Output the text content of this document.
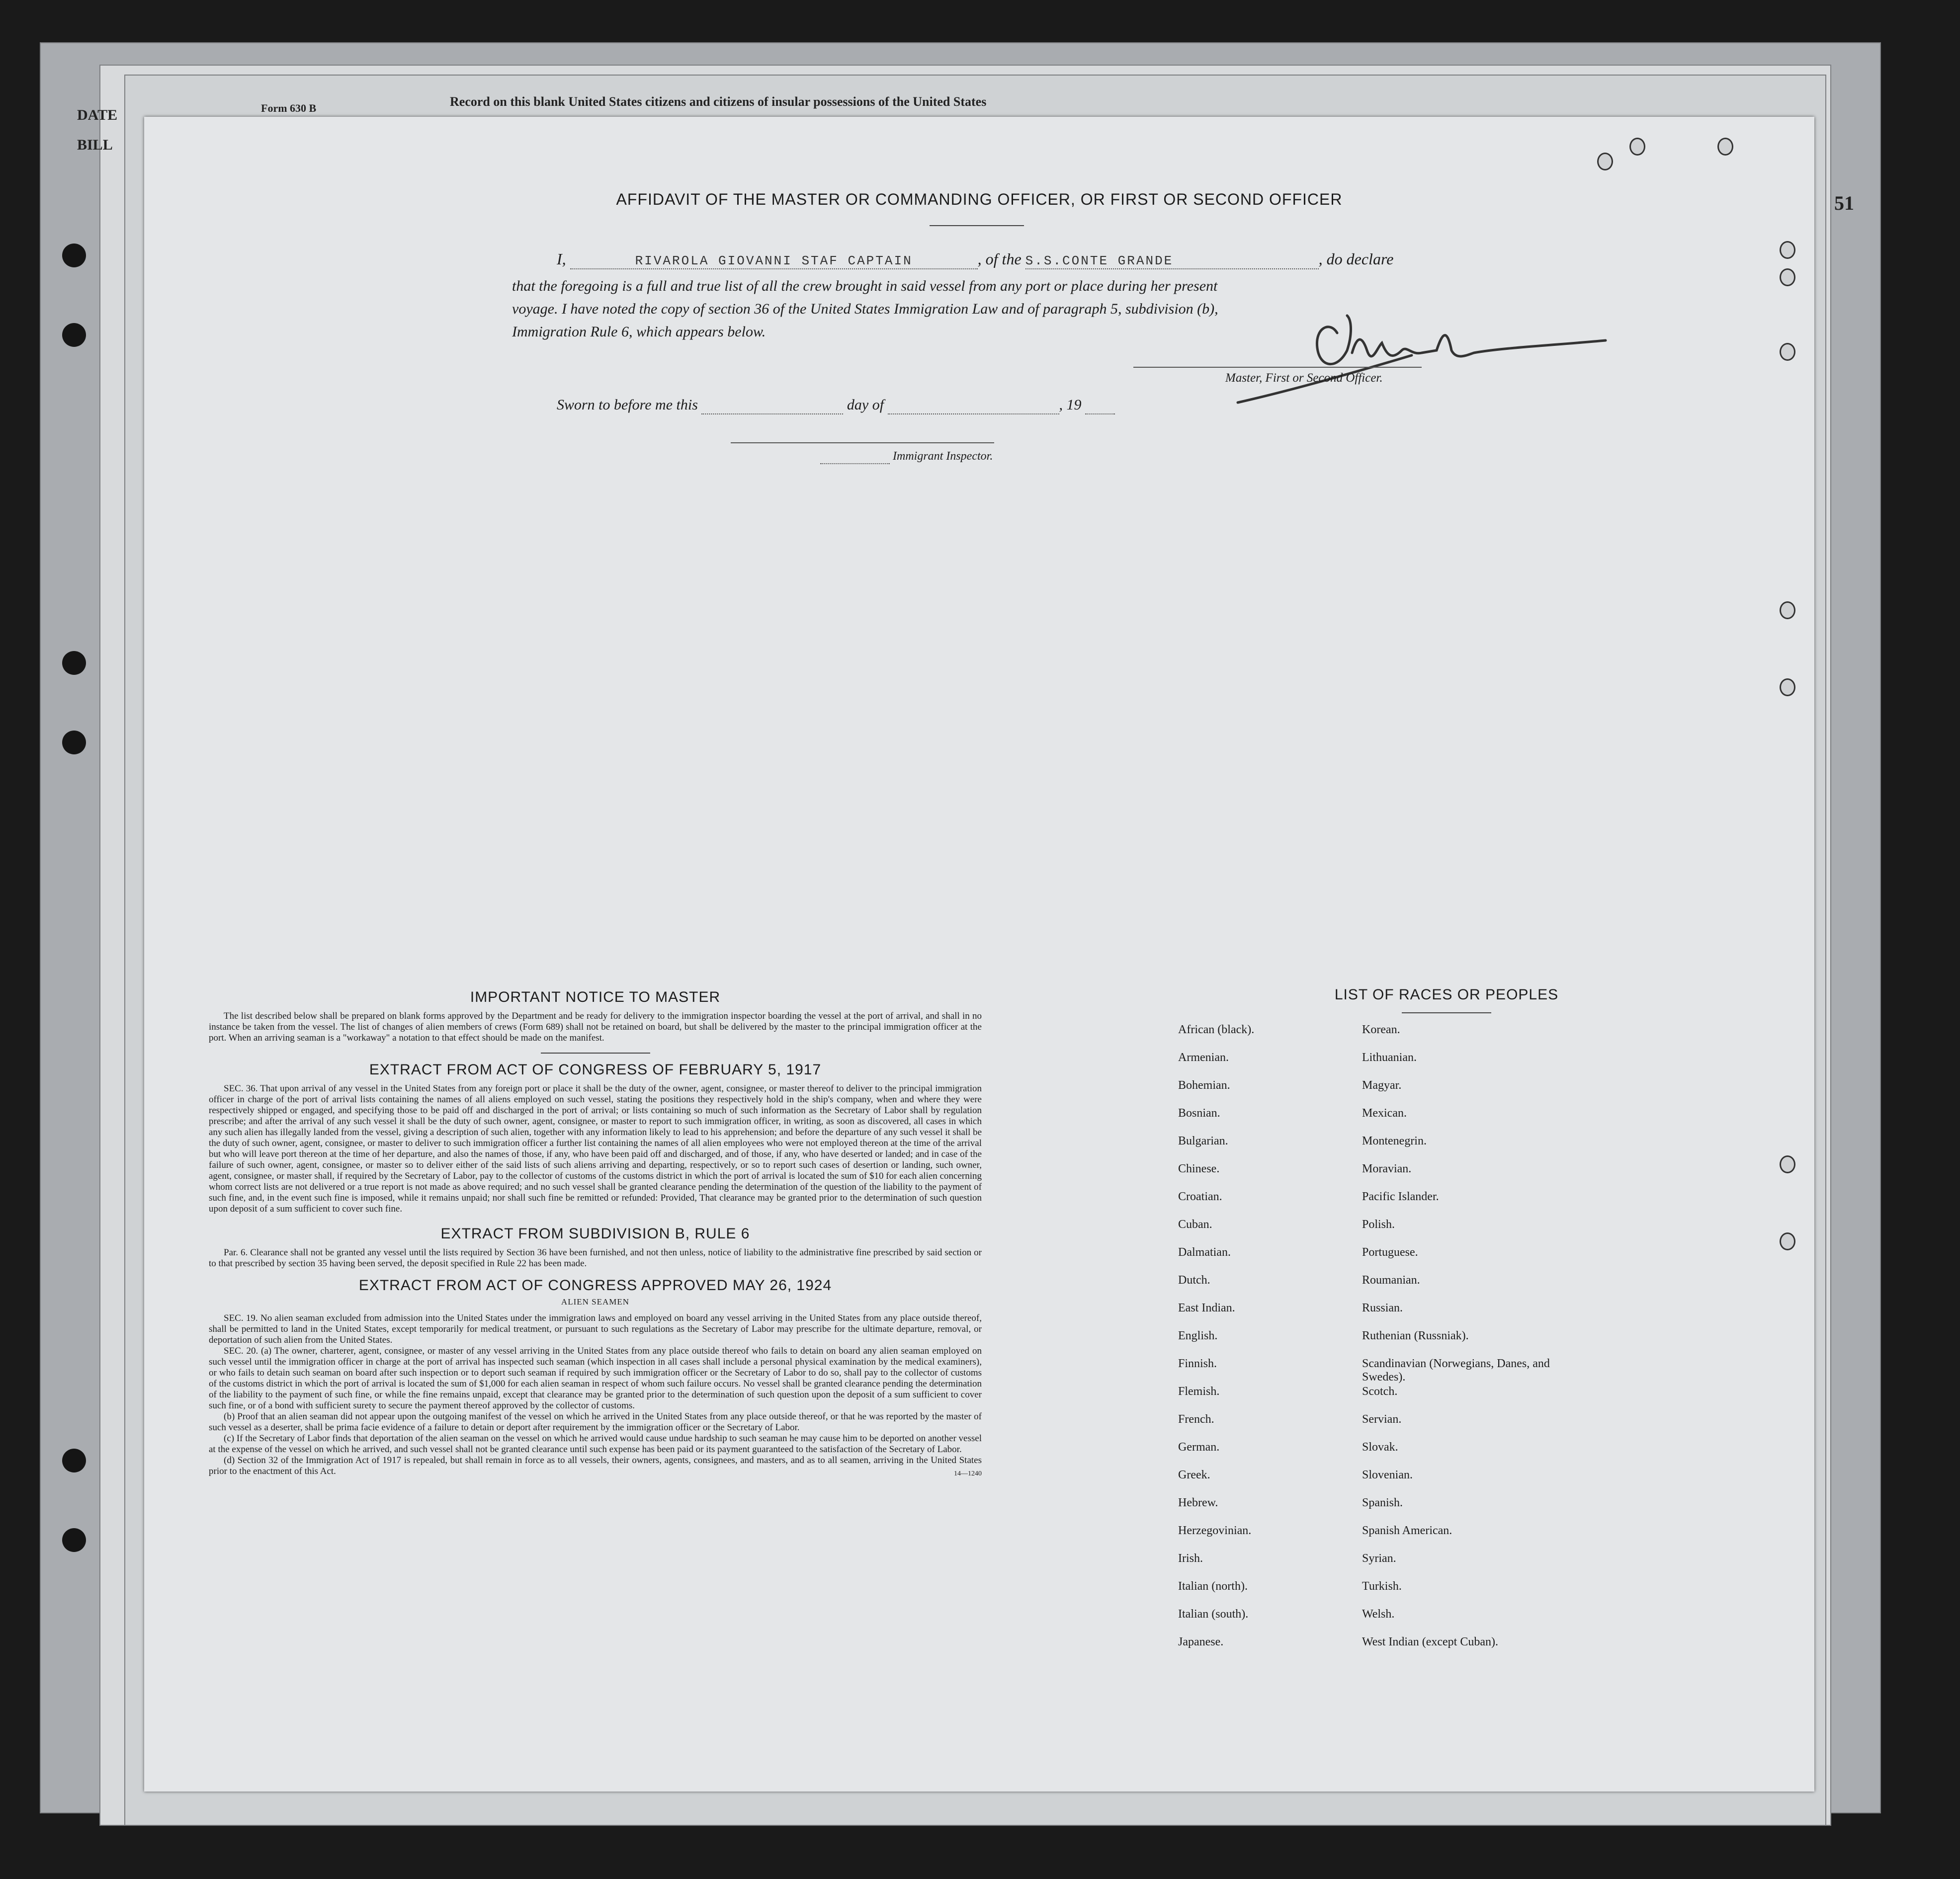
DATE
BILL
Form 630 B	Record on this blank United States citizens and citizens of insular possessions of the United States
51
AFFIDAVIT OF THE MASTER OR COMMANDING OFFICER, OR FIRST OR SECOND OFFICER
I,	RIVAROLA GIOVANNI STAF CAPTAIN	, of the S.S.CONTE GRANDE	, do declare
that the foregoing is a full and true list of all the crew brought in said vessel from any port or place during her present
voyage. I have noted the copy of section 36 of the United States Immigration Law and of paragraph 5, subdivision (b),
Immigration Rule 6, which appears below.
Master, First or Second Officer.
Sworn to before me this	day of	, 19
Immigrant Inspector.
IMPORTANT NOTICE TO MASTER
The list described below shall be prepared on blank forms approved by the Department and be ready for delivery to the immigration inspector boarding the vessel at the port of arrival, and shall in no instance be taken from the vessel. The list of changes of alien members of crews (Form 689) shall not be retained on board, but shall be delivered by the master to the principal immigration officer at the port. When an arriving seaman is a "workaway" a notation to that effect should be made on the manifest.
EXTRACT FROM ACT OF CONGRESS OF FEBRUARY 5, 1917
SEC. 36. That upon arrival of any vessel in the United States from any foreign port or place it shall be the duty of the owner, agent, consignee, or master thereof to deliver to the principal immigration officer in charge of the port of arrival lists containing the names of all aliens employed on such vessel, stating the positions they respectively hold in the ship's company, when and where they were respectively shipped or engaged, and specifying those to be paid off and discharged in the port of arrival; or lists containing so much of such information as the Secretary of Labor shall by regulation prescribe; and after the arrival of any such vessel it shall be the duty of such owner, agent, consignee, or master to report to such immigration officer, in writing, as soon as discovered, all cases in which any such alien has illegally landed from the vessel, giving a description of such alien, together with any information likely to lead to his apprehension; and before the departure of any such vessel it shall be the duty of such owner, agent, consignee, or master to deliver to such immigration officer a further list containing the names of all alien employees who were not employed thereon at the time of the arrival but who will leave port thereon at the time of her departure, and also the names of those, if any, who have been paid off and discharged, and of those, if any, who have deserted or landed; and in case of the failure of such owner, agent, consignee, or master so to deliver either of the said lists of such aliens arriving and departing, respectively, or so to report such cases of desertion or landing, such owner, agent, consignee, or master shall, if required by the Secretary of Labor, pay to the collector of customs of the customs district in which the port of arrival is located the sum of $10 for each alien concerning whom correct lists are not delivered or a true report is not made as above required; and no such vessel shall be granted clearance pending the determination of the question of the liability to the payment of such fine, and, in the event such fine is imposed, while it remains unpaid; nor shall such fine be remitted or refunded: Provided, That clearance may be granted prior to the determination of such question upon deposit of a sum sufficient to cover such fine.
EXTRACT FROM SUBDIVISION B, RULE 6
Par. 6. Clearance shall not be granted any vessel until the lists required by Section 36 have been furnished, and not then unless, notice of liability to the administrative fine prescribed by said section or to that prescribed by section 35 having been served, the deposit specified in Rule 22 has been made.
EXTRACT FROM ACT OF CONGRESS APPROVED MAY 26, 1924
ALIEN SEAMEN
SEC. 19. No alien seaman excluded from admission into the United States under the immigration laws and employed on board any vessel arriving in the United States from any place outside thereof, shall be permitted to land in the United States, except temporarily for medical treatment, or pursuant to such regulations as the Secretary of Labor may prescribe for the ultimate departure, removal, or deportation of such alien from the United States.
SEC. 20. (a) The owner, charterer, agent, consignee, or master of any vessel arriving in the United States from any place outside thereof who fails to detain on board any alien seaman employed on such vessel until the immigration officer in charge at the port of arrival has inspected such seaman (which inspection in all cases shall include a personal physical examination by the medical examiners), or who fails to detain such seaman on board after such inspection or to deport such seaman if required by such immigration officer or the Secretary of Labor to do so, shall pay to the collector of customs of the customs district in which the port of arrival is located the sum of $1,000 for each alien seaman in respect of whom such failure occurs. No vessel shall be granted clearance pending the determination of the liability to the payment of such fine, or while the fine remains unpaid, except that clearance may be granted prior to the determination of such question upon the deposit of a sum sufficient to cover such fine, or of a bond with sufficient surety to secure the payment thereof approved by the collector of customs.
(b) Proof that an alien seaman did not appear upon the outgoing manifest of the vessel on which he arrived in the United States from any place outside thereof, or that he was reported by the master of such vessel as a deserter, shall be prima facie evidence of a failure to detain or deport after requirement by the immigration officer or the Secretary of Labor.
(c) If the Secretary of Labor finds that deportation of the alien seaman on the vessel on which he arrived would cause undue hardship to such seaman he may cause him to be deported on another vessel at the expense of the vessel on which he arrived, and such vessel shall not be granted clearance until such expense has been paid or its payment guaranteed to the satisfaction of the Secretary of Labor.
(d) Section 32 of the Immigration Act of 1917 is repealed, but shall remain in force as to all vessels, their owners, agents, consignees, and masters, and as to all seamen, arriving in the United States prior to the enactment of this Act.	14—1240
LIST OF RACES OR PEOPLES
African (black).	Korean.
Armenian.	Lithuanian.
Bohemian.	Magyar.
Bosnian.	Mexican.
Bulgarian.	Montenegrin.
Chinese.	Moravian.
Croatian.	Pacific Islander.
Cuban.	Polish.
Dalmatian.	Portuguese.
Dutch.	Roumanian.
East Indian.	Russian.
English.	Ruthenian (Russniak).
Finnish.	Scandinavian (Norwegians, Danes, and Swedes).
Flemish.	Scotch.
French.	Servian.
German.	Slovak.
Greek.	Slovenian.
Hebrew.	Spanish.
Herzegovinian.	Spanish American.
Irish.	Syrian.
Italian (north).	Turkish.
Italian (south).	Welsh.
Japanese.	West Indian (except Cuban).
